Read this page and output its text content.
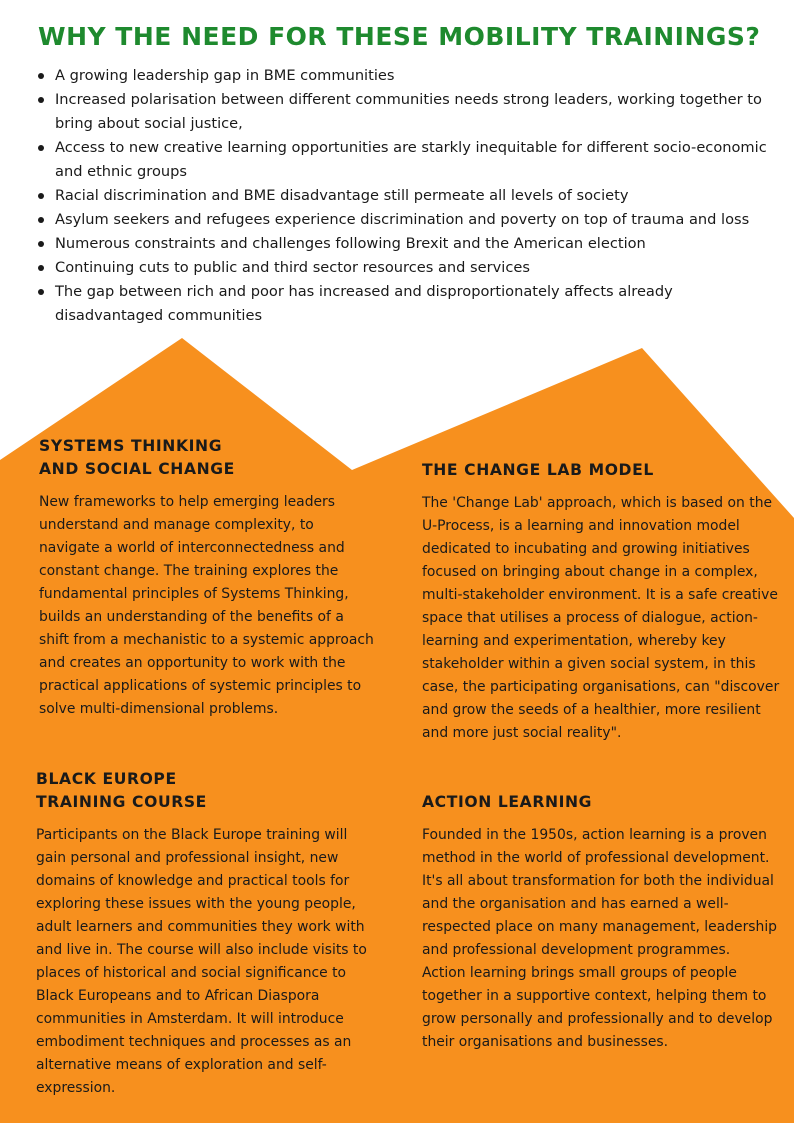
WHY THE NEED FOR THESE MOBILITY TRAININGS?
A growing leadership gap in BME communities
Increased polarisation between different communities needs strong leaders, working together to bring about social justice,
Access to new creative learning opportunities are starkly inequitable for different socio-economic and ethnic groups
Racial discrimination and BME disadvantage still permeate all levels of society
Asylum seekers and refugees experience discrimination and poverty on top of trauma and loss
Numerous constraints and challenges following Brexit and the American election
Continuing cuts to public and third sector resources and services
The gap between rich and poor has increased and disproportionately affects already disadvantaged communities
SYSTEMS THINKING
AND SOCIAL CHANGE

New frameworks to help emerging leaders understand and manage complexity, to navigate a world of interconnectedness and constant change. The training explores the fundamental principles of Systems Thinking, builds an understanding of the benefits of a shift from a mechanistic to a systemic approach and creates an opportunity to work with the practical applications of systemic principles to solve multi-dimensional problems.

THE CHANGE LAB MODEL

The 'Change Lab' approach, which is based on the U-Process, is a learning and innovation model dedicated to incubating and growing initiatives focused on bringing about change in a complex, multi-stakeholder environment. It is a safe creative space that utilises a process of dialogue, action-learning and experimentation, whereby key stakeholder within a given social system, in this case, the participating organisations, can "discover and grow the seeds of a healthier, more resilient and more just social reality".

BLACK EUROPE
TRAINING COURSE

Participants on the Black Europe training will gain personal and professional insight, new domains of knowledge and practical tools for exploring these issues with the young people, adult learners and communities they work with and live in. The course will also include visits to places of historical and social significance to Black Europeans and to African Diaspora communities in Amsterdam. It will introduce embodiment techniques and processes as an alternative means of exploration and self-expression.

ACTION LEARNING

Founded in the 1950s, action learning is a proven method in the world of professional development. It's all about transformation for both the individual and the organisation and has earned a well-respected place on many management, leadership and professional development programmes.

Action learning brings small groups of people together in a supportive context, helping them to grow personally and professionally and to develop their organisations and businesses.
